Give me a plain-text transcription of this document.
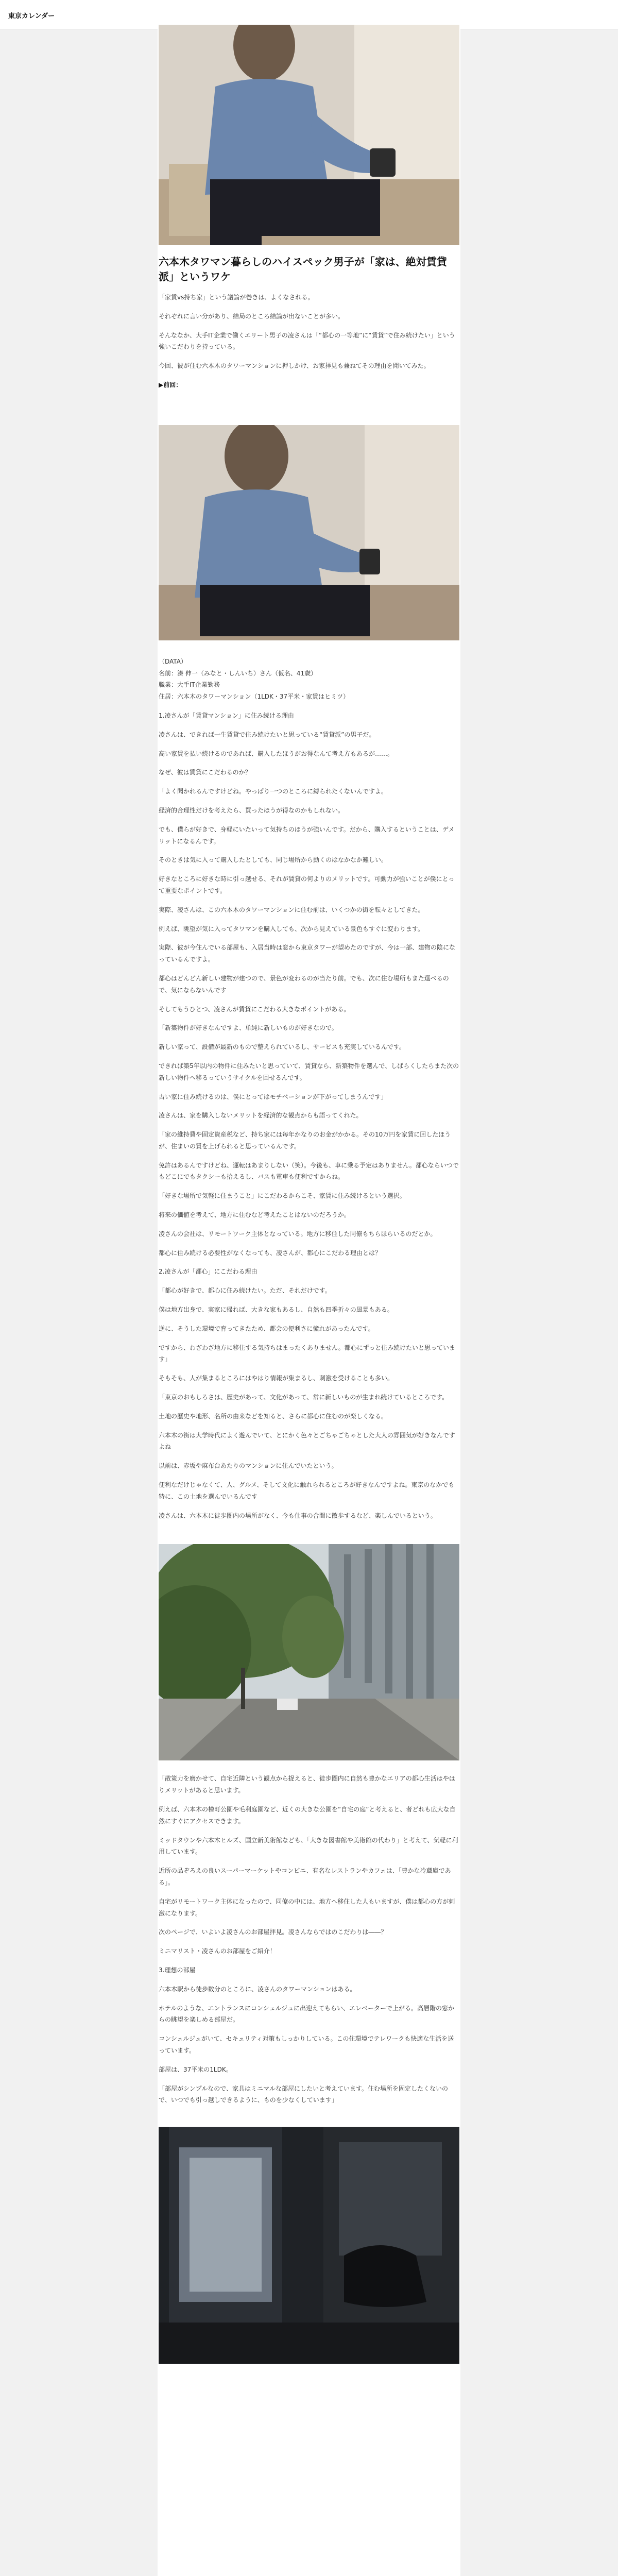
東京カレンダー
六本木タワマン暮らしのハイスペック男子が「家は、絶対賃貸派」というワケ

「家賃vs持ち家」という議論が巻きは、よくなされる。

それぞれに言い分があり、結局のところ結論が出ないことが多い。

そんななか、大手IT企業で働くエリート男子の凌さんは「“都心の一等地”に“賃貸”で住み続けたい」という強いこだわりを持っている。

今回、彼が住む六本木のタワーマンションに押しかけ、お家拝見も兼ねてその理由を聞いてみた。

▶前回：

（DATA）

名前：湊 伸一（みなと・しんいち）さん（仮名、41歳）

職業：大手IT企業勤務

住居：六本木のタワーマンション（1LDK・37平米・家賃はヒミツ）

1.凌さんが「賃貸マンション」に住み続ける理由

凌さんは、できれば一生賃貸で住み続けたいと思っている“賃貸派”の男子だ。

高い家賃を払い続けるのであれば、購入したほうがお得なんて考え方もあるが……。

なぜ、彼は賃貸にこだわるのか？

「よく聞かれるんですけどね。やっぱり一つのところに縛られたくないんですよ。

経済的合理性だけを考えたら、買ったほうが得なのかもしれない。

でも、僕らが好きで、身軽にいたいって気持ちのほうが強いんです。だから、購入するということは、デメリットになるんです。

そのときは気に入って購入したとしても、同じ場所から動くのはなかなか難しい。

好きなところに好きな時に引っ越せる、それが賃貸の何よりのメリットです。可動力が強いことが僕にとって重要なポイントです。

実際、凌さんは、この六本木のタワーマンションに住む前は、いくつかの街を転々としてきた。

例えば、眺望が気に入ってタワマンを購入しても、次から見えている景色もすぐに変わります。

実際、彼が今住んでいる部屋も、入居当時は窓から東京タワーが望めたのですが、今は一部、建物の陰になっているんですよ。

都心はどんどん新しい建物が建つので、景色が変わるのが当たり前。でも、次に住む場所もまた選べるので、気にならないんです

そしてもうひとつ、凌さんが賃貸にこだわる大きなポイントがある。

「新築物件が好きなんですよ、単純に新しいものが好きなので。

新しい家って、設備が最新のもので整えられているし、サービスも充実しているんです。

できれば築5年以内の物件に住みたいと思っていて、賃貸なら、新築物件を選んで、しばらくしたらまた次の新しい物件へ移るっていうサイクルを回せるんです。

古い家に住み続けるのは、僕にとってはモチベーションが下がってしまうんです」

凌さんは、家を購入しないメリットを経済的な観点からも語ってくれた。

「家の維持費や固定資産税など、持ち家には毎年かなりのお金がかかる。その10万円を家賃に回したほうが、住まいの質を上げられると思っているんです。

免許はあるんですけどね、運転はあまりしない（笑）。今後も、車に乗る予定はありません。都心ならいつでもどこにでもタクシーも拾えるし、バスも電車も便利ですからね。

「好きな場所で気軽に住まうこと」にこだわるからこそ、家賃に住み続けるという選択。

将来の価値を考えて、地方に住むなど考えたことはないのだろうか。

凌さんの会社は、リモートワーク主体となっている。地方に移住した同僚もちらほらいるのだとか。

都心に住み続ける必要性がなくなっても、凌さんが、都心にこだわる理由とは？

2.凌さんが「都心」にこだわる理由

「都心が好きで、都心に住み続けたい。ただ、それだけです。

僕は地方出身で、実家に帰れば、大きな家もあるし、自然も四季折々の風景もある。

逆に、そうした環境で育ってきたため、都会の便利さに憧れがあったんです。

ですから、わざわざ地方に移住する気持ちはまったくありません。都心にずっと住み続けたいと思っています」

そもそも、人が集まるところにはやはり情報が集まるし、刺激を受けることも多い。

「東京のおもしろさは、歴史があって、文化があって、常に新しいものが生まれ続けているところです。

土地の歴史や地形、名所の由来などを知ると、さらに都心に住むのが楽しくなる。

六本木の街は大学時代によく遊んでいて、とにかく色々とごちゃごちゃとした大人の雰囲気が好きなんですよね

以前は、赤坂や麻布台あたりのマンションに住んでいたという。

便利なだけじゃなくて、人、グルメ、そして文化に触れられるところが好きなんですよね。東京のなかでも特に、この土地を選んでいるんです

凌さんは、六本木に徒歩圏内の場所がなく、今も仕事の合間に散歩するなど、楽しんでいるという。

「散策力を磨かせて、自宅近隣という観点から捉えると、徒歩圏内に自然も豊かなエリアの都心生活はやはりメリットがあると思います。

例えば、六本木の檜町公園や毛利庭園など、近くの大きな公園を“自宅の庭”と考えると、者どれも広大な自然にすぐにアクセスできます。

ミッドタウンや六本木ヒルズ、国立新美術館なども、「大きな図書館や美術館の代わり」と考えて、気軽に利用しています。

近所の品ぞろえの良いスーパーマーケットやコンビニ、有名なレストランやカフェは、「豊かな冷蔵庫である」。

自宅がリモートワーク主体になったので、同僚の中には、地方へ移住した人もいますが、僕は都心の方が刺激になります。

次のページで、いよいよ凌さんのお部屋拝見。凌さんならではのこだわりは――？

ミニマリスト・凌さんのお部屋をご紹介！

3.理想の部屋

六本木駅から徒歩数分のところに、凌さんのタワーマンションはある。

ホテルのような、エントランスにコンシェルジュに出迎えてもらい、エレベーターで上がる。高層階の窓からの眺望を楽しめる部屋だ。

コンシェルジュがいて、セキュリティ対策もしっかりしている。この住環境でテレワークも快適な生活を送っています。

部屋は、37平米の1LDK。

「部屋がシンプルなので、家具はミニマルな部屋にしたいと考えています。住む場所を固定したくないので、いつでも引っ越しできるように、ものを少なくしています」
